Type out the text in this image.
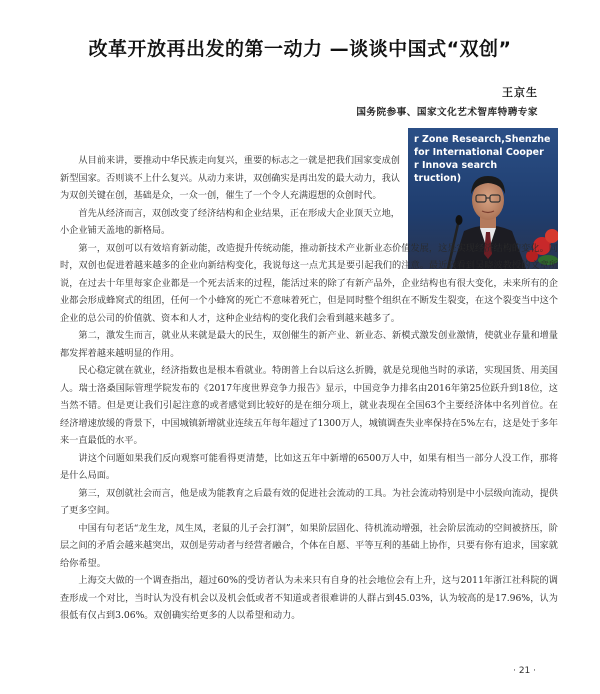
改革开放再出发的第一动力 —谈谈中国式“双创”
王京生
国务院参事、国家文化艺术智库特聘专家
r Zone Research,Shenzhe
for International Cooper
r Innova search
truction)

从目前来讲，要推动中华民族走向复兴，重要的标志之一就是把我们国家变成创新型国家。否则谈不上什么复兴。从动力来讲，双创确实是再出发的最大动力，我认为双创关键在创，基础是众，一众一创，催生了一个令人充满遐想的众创时代。

首先从经济而言，双创改变了经济结构和企业结果，正在形成大企业顶天立地，小企业铺天盖地的新格局。

第一，双创可以有效培育新动能，改造提升传统动能，推动新技术产业新业态价值发展，这是实现经济结构的变化。同时，双创也促进着越来越多的企业向新结构变化，我说每这一点尤其是要引起我们的注意。最近我看到吴晓波教授的文章所说，在过去十年里每家企业都是一个死去活来的过程，能活过来的除了有新产品外，企业结构也有很大变化，未来所有的企业都会形成蜂窝式的组团，任何一个小蜂窝的死亡不意味着死亡，但是同时整个组织在不断发生裂变，在这个裂变当中这个企业的总公司的价值就、资本和人才，这种企业结构的变化我们会看到越来越多了。

第二，激发生而言，就业从来就是最大的民生，双创催生的新产业、新业态、新模式激发创业激情，使就业存量和增量都发挥着越来越明显的作用。

民心稳定就在就业，经济指数也是根本看就业。特朗普上台以后这么折腾，就是兑现他当时的承诺，实现国货、用美国人。瑞士洛桑国际管理学院发布的《2017年度世界竞争力报告》显示，中国竞争力排名由2016年第25位跃升到18位，这当然不错。但是更让我们引起注意的或者感觉到比较好的是在细分项上，就业表现在全国63个主要经济体中名列首位。在经济增速放缓的背景下，中国城镇新增就业连续五年每年超过了1300万人，城镇调查失业率保持在5%左右，这是处于多年来一直最低的水平。

讲这个问题如果我们反向观察可能看得更清楚，比如这五年中新增的6500万人中，如果有相当一部分人没工作，那将是什么局面。

第三，双创就社会而言，他是成为能教育之后最有效的促进社会流动的工具。为社会流动特别是中小层级向流动，提供了更多空间。

中国有句老话“龙生龙，凤生凤，老鼠的儿子会打洞”，如果阶层固化、待机流动增强，社会阶层流动的空间被挤压，阶层之间的矛盾会越来越突出，双创是劳动者与经营者融合，个体在自愿、平等互利的基础上协作，只要有你有追求，国家就给你希望。

上海交大做的一个调查指出，超过60%的受访者认为未来只有自身的社会地位会有上升，这与2011年浙江社科院的调查形成一个对比，当时认为没有机会以及机会低或者不知道或者很难讲的人群占到45.03%，认为较高的是17.96%，认为很低有仅占到3.06%。双创确实给更多的人以希望和动力。

· 21 ·
